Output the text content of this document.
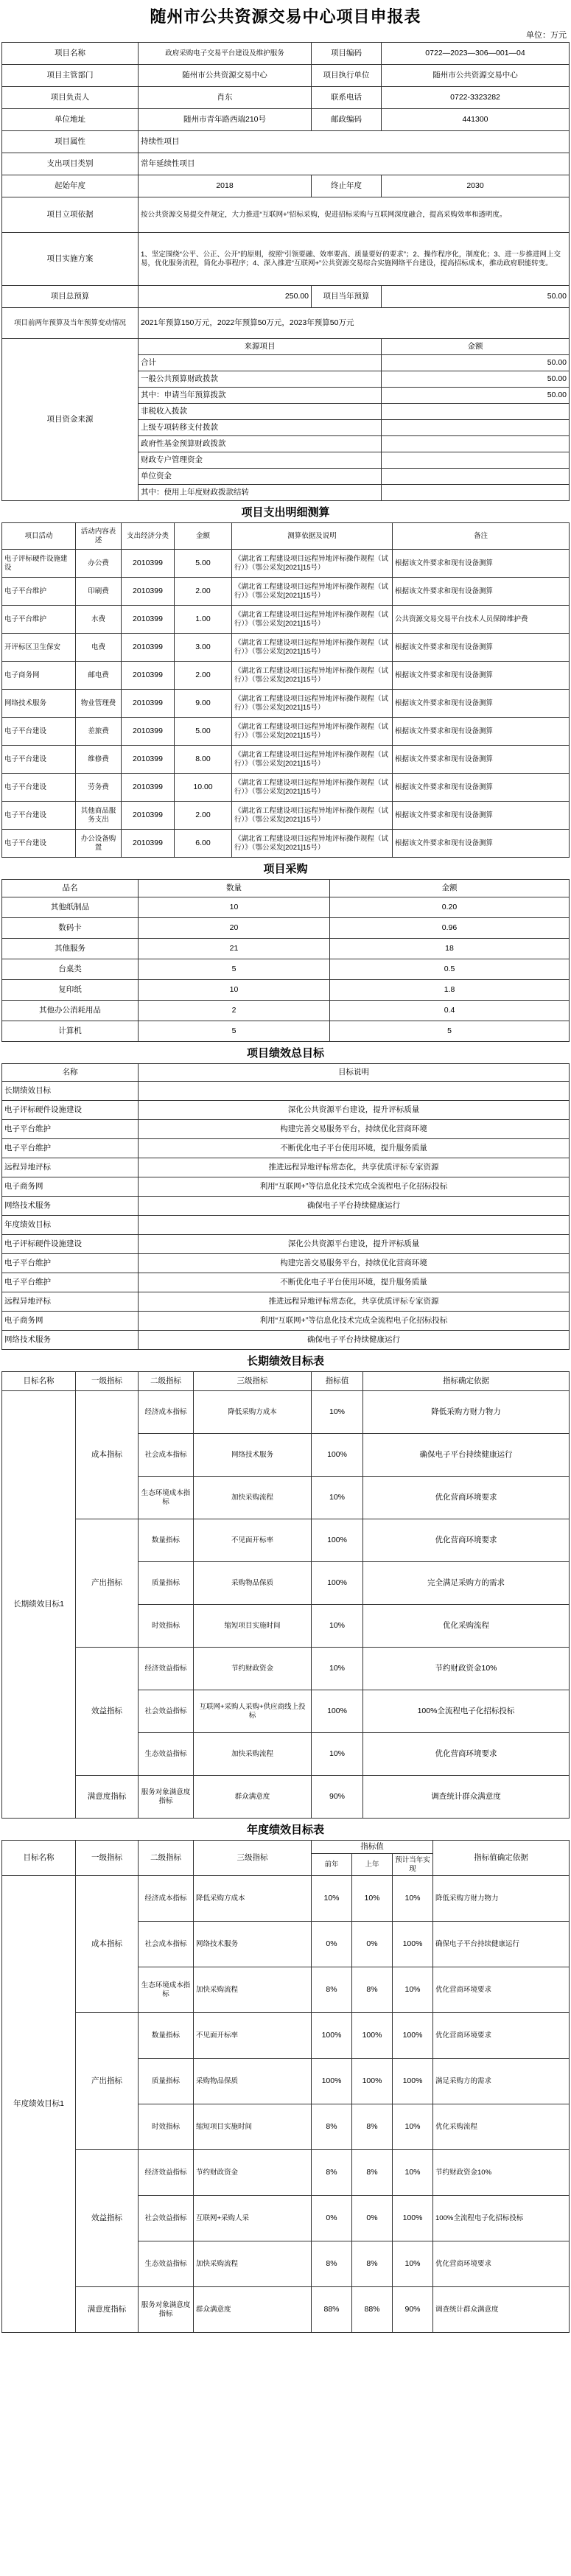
随州市公共资源交易中心项目申报表
单位：万元
项目名称	政府采购电子交易平台建设及维护服务	项目编码	0722—2023—306—001—04
项目主管部门	随州市公共资源交易中心	项目执行单位	随州市公共资源交易中心
项目负责人	肖东	联系电话	0722-3323282
单位地址	随州市青年路西端210号	邮政编码	441300
项目属性	持续性项目		
支出项目类别	常年延续性项目		
起始年度	2018	终止年度	2030
项目立项依据	按公共资源交易提交件规定，大力推进“互联网+”招标采购，促进招标采购与互联网深度融合，提高采购效率和透明度。		
项目实施方案	1、坚定围绕“公平、公正、公开”的原则，按照“引领要融、效率要高、质量要好的要求”；2、操作程序化，制度化；3、进一步推进网上交易，优化服务流程，简化办事程序；4、深入推进“互联网+”公共资源交易综合实施网络平台建设，提高招标成本，推动政府职能转变。		
项目总预算	250.00	项目当年预算	50.00
项目前两年预算及当年预算变动情况	2021年预算150万元，2022年预算50万元，2023年预算50万元		
项目资金来源	来源项目	金额
	合计	50.00
	一般公共预算财政拨款	50.00
	其中：申请当年预算拨款	50.00
	非税收入拨款	
	上级专项转移支付拨款	
	政府性基金预算财政拨款	
	财政专户管理资金	
	单位资金	
	其中：使用上年度财政拨款结转	
项目支出明细测算
项目活动	活动内容表述	支出经济分类	金额	测算依据及说明	备注
电子评标硬件设施建设	办公费	2010399	5.00	《湖北省工程建设项目远程异地评标操作规程（试行）》（鄂公采发[2021]15号）	根据该文件要求和现有设备测算
电子平台维护	印刷费	2010399	2.00	《湖北省工程建设项目远程异地评标操作规程（试行）》（鄂公采发[2021]15号）	根据该文件要求和现有设备测算
电子平台维护	水费	2010399	1.00	《湖北省工程建设项目远程异地评标操作规程（试行）》（鄂公采发[2021]15号）	公共资源交易交易平台技术人员保障维护费
开评标区卫生保安	电费	2010399	3.00	《湖北省工程建设项目远程异地评标操作规程（试行）》（鄂公采发[2021]15号）	根据该文件要求和现有设备测算
电子商务网	邮电费	2010399	2.00	《湖北省工程建设项目远程异地评标操作规程（试行）》（鄂公采发[2021]15号）	根据该文件要求和现有设备测算
网络技术服务	物业管理费	2010399	9.00	《湖北省工程建设项目远程异地评标操作规程（试行）》（鄂公采发[2021]15号）	根据该文件要求和现有设备测算
电子平台建设	差旅费	2010399	5.00	《湖北省工程建设项目远程异地评标操作规程（试行）》（鄂公采发[2021]15号）	根据该文件要求和现有设备测算
电子平台建设	维修费	2010399	8.00	《湖北省工程建设项目远程异地评标操作规程（试行）》（鄂公采发[2021]15号）	根据该文件要求和现有设备测算
电子平台建设	劳务费	2010399	10.00	《湖北省工程建设项目远程异地评标操作规程（试行）》（鄂公采发[2021]15号）	根据该文件要求和现有设备测算
电子平台建设	其他商品服务支出	2010399	2.00	《湖北省工程建设项目远程异地评标操作规程（试行）》（鄂公采发[2021]15号）	根据该文件要求和现有设备测算
电子平台建设	办公设备购置	2010399	6.00	《湖北省工程建设项目远程异地评标操作规程（试行）》（鄂公采发[2021]15号）	根据该文件要求和现有设备测算
项目采购
品名	数量	金额
其他纸制品	10	0.20
数码卡	20	0.96
其他服务	21	18
台桌类	5	0.5
复印纸	10	1.8
其他办公消耗用品	2	0.4
计算机	5	5
项目绩效总目标
名称	目标说明
长期绩效目标	
电子评标硬件设施建设	深化公共资源平台建设，提升评标质量
电子平台维护	构建完善交易服务平台，持续优化营商环境
电子平台维护	不断优化电子平台使用环境，提升服务质量
远程异地评标	推进远程异地评标常态化，共享优质评标专家资源
电子商务网	利用“互联网+”等信息化技术完成全流程电子化招标投标
网络技术服务	确保电子平台持续健康运行
年度绩效目标	
电子评标硬件设施建设	深化公共资源平台建设，提升评标质量
电子平台维护	构建完善交易服务平台，持续优化营商环境
电子平台维护	不断优化电子平台使用环境，提升服务质量
远程异地评标	推进远程异地评标常态化，共享优质评标专家资源
电子商务网	利用“互联网+”等信息化技术完成全流程电子化招标投标
网络技术服务	确保电子平台持续健康运行
长期绩效目标表
目标名称	一级指标	二级指标	三级指标	指标值	指标确定依据
长期绩效目标1	成本指标	经济成本指标	降低采购方成本	10%	降低采购方财力物力
		社会成本指标	网络技术服务	100%	确保电子平台持续健康运行
		生态环境成本指标	加快采购流程	10%	优化营商环境要求
	产出指标	数量指标	不见面开标率	100%	优化营商环境要求
		质量指标	采购物品保质	100%	完全满足采购方的需求
		时效指标	缩短项目实施时间	10%	优化采购流程
	效益指标	经济效益指标	节约财政资金	10%	节约财政资金10%
		社会效益指标	互联网+采购人采购+供应商线上投标	100%	100%全流程电子化招标投标
		生态效益指标	加快采购流程	10%	优化营商环境要求
	满意度指标	服务对象满意度指标	群众满意度	90%	调查统计群众满意度
年度绩效目标表
目标名称	一级指标	二级指标	三级指标	指标值			指标值确定依据
				前年	上年	预计当年实现	
年度绩效目标1	成本指标	经济成本指标	降低采购方成本	10%	10%	10%	降低采购方财力物力
		社会成本指标	网络技术服务	0%	0%	100%	确保电子平台持续健康运行
		生态环境成本指标	加快采购流程	8%	8%	10%	优化营商环境要求
	产出指标	数量指标	不见面开标率	100%	100%	100%	优化营商环境要求
		质量指标	采购物品保质	100%	100%	100%	满足采购方的需求
		时效指标	缩短项目实施时间	8%	8%	10%	优化采购流程
	效益指标	经济效益指标	节约财政资金	8%	8%	10%	节约财政资金10%
		社会效益指标	互联网+采购人采	0%	0%	100%	100%全流程电子化招标投标
		生态效益指标	加快采购流程	8%	8%	10%	优化营商环境要求
	满意度指标	服务对象满意度指标	群众满意度	88%	88%	90%	调查统计群众满意度
